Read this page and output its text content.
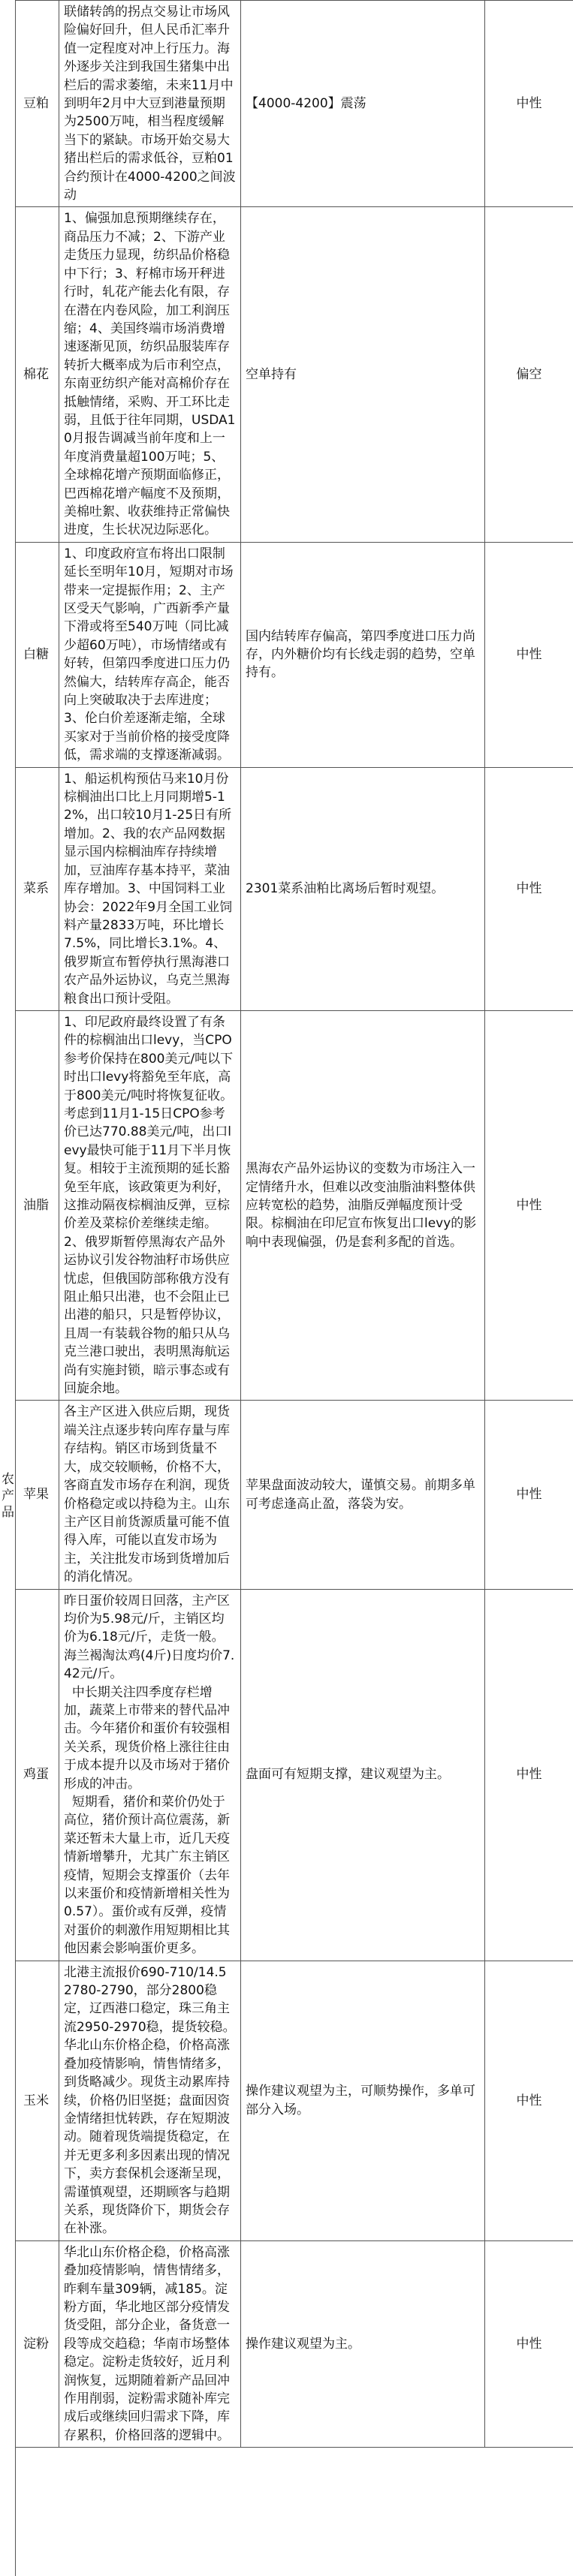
农产品
豆粕	联储转鸽的拐点交易让市场风险偏好回升，但人民币汇率升值一定程度对冲上行压力。海外逐步关注到我国生猪集中出栏后的需求萎缩，未来11月中到明年2月中大豆到港量预期为2500万吨，相当程度缓解当下的紧缺。市场开始交易大猪出栏后的需求低谷，豆粕01合约预计在4000-4200之间波动	【4000-4200】震荡	中性
棉花	1、偏强加息预期继续存在，商品压力不减；2、下游产业走货压力显现，纺织品价格稳中下行；3、籽棉市场开秤进行时，轧花产能去化有限，存在潜在内卷风险，加工利润压缩；4、美国终端市场消费增速逐渐见顶，纺织品服装库存转折大概率成为后市利空点，东南亚纺织产能对高棉价存在抵触情绪，采购、开工环比走弱，且低于往年同期，USDA10月报告调减当前年度和上一年度消费量超100万吨；5、全球棉花增产预期面临修正，巴西棉花增产幅度不及预期，美棉吐絮、收获维持正常偏快进度，生长状况边际恶化。	空单持有	偏空
白糖	1、印度政府宣布将出口限制延长至明年10月，短期对市场带来一定提振作用；2、主产区受天气影响，广西新季产量下滑或将至540万吨（同比减少超60万吨），市场情绪或有好转，但第四季度进口压力仍然偏大，结转库存高企，能否向上突破取决于去库进度；3、伦白价差逐渐走缩，全球买家对于当前价格的接受度降低，需求端的支撑逐渐减弱。	国内结转库存偏高，第四季度进口压力尚存，内外糖价均有长线走弱的趋势，空单持有。	中性
菜系	1、船运机构预估马来10月份棕榈油出口比上月同期增5-12%，出口较10月1-25日有所增加。2、我的农产品网数据显示国内棕榈油库存持续增加，豆油库存基本持平，菜油库存增加。3、中国饲料工业协会：2022年9月全国工业饲料产量2833万吨，环比增长7.5%，同比增长3.1%。4、俄罗斯宣布暂停执行黑海港口农产品外运协议，乌克兰黑海粮食出口预计受阻。	2301菜系油粕比离场后暂时观望。	中性
油脂	1、印尼政府最终设置了有条件的棕榈油出口levy，当CPO参考价保持在800美元/吨以下时出口levy将豁免至年底，高于800美元/吨时将恢复征收。考虑到11月1-15日CPO参考价已达770.88美元/吨，出口levy最快可能于11月下半月恢复。相较于主流预期的延长豁免至年底，该政策更为利好，这推动隔夜棕榈油反弹，豆棕价差及菜棕价差继续走缩。2、俄罗斯暂停黑海农产品外运协议引发谷物油籽市场供应忧虑，但俄国防部称俄方没有阻止船只出港，也不会阻止已出港的船只，只是暂停协议，且周一有装载谷物的船只从乌克兰港口驶出，表明黑海航运尚有实施封锁，暗示事态或有回旋余地。	黑海农产品外运协议的变数为市场注入一定情绪升水，但难以改变油脂油料整体供应转宽松的趋势，油脂反弹幅度预计受限。棕榈油在印尼宣布恢复出口levy的影响中表现偏强，仍是套利多配的首选。	中性
苹果	各主产区进入供应后期，现货端关注点逐步转向库存量与库存结构。销区市场到货量不大，成交较顺畅，价格不大，客商直发市场存在利润，现货价格稳定或以持稳为主。山东主产区目前货源质量可能不值得入库，可能以直发市场为主，关注批发市场到货增加后的消化情况。	苹果盘面波动较大，谨慎交易。前期多单可考虑逢高止盈，落袋为安。	中性
鸡蛋	昨日蛋价较周日回落，主产区均价为5.98元/斤，主销区均价为6.18元/斤，走货一般。海兰褐淘汰鸡(4斤)日度均价7.42元/斤。
中长期关注四季度存栏增加，蔬菜上市带来的替代品冲击。今年猪价和蛋价有较强相关关系，现货价格上涨往往由于成本提升以及市场对于猪价形成的冲击。
短期看，猪价和菜价仍处于高位，猪价预计高位震荡，新菜还暂未大量上市，近几天疫情新增攀升，尤其广东主销区疫情，短期会支撑蛋价（去年以来蛋价和疫情新增相关性为0.57）。蛋价或有反弹，疫情对蛋价的刺激作用短期相比其他因素会影响蛋价更多。	盘面可有短期支撑，建议观望为主。	中性
玉米	北港主流报价690-710/14.5 2780-2790，部分2800稳定，辽西港口稳定，珠三角主流2950-2970稳，提货较稳。华北山东价格企稳，价格高涨叠加疫情影响，情售情绪多，到货略减少。现货主动累库持续，价格仍旧坚挺；盘面因资金情绪担忧转跌，存在短期波动。随着现货端提货稳定，在并无更多利多因素出现的情况下，卖方套保机会逐渐呈现，需谨慎观望，还期顾客与趋期关系，现货降价下，期货会存在补涨。	操作建议观望为主，可顺势操作，多单可部分入场。	中性
淀粉	华北山东价格企稳，价格高涨叠加疫情影响，情售情绪多，昨剩车量309辆，减185。淀粉方面，华北地区部分疫情发货受阻，部分企业，备货意一段等成交趋稳；华南市场整体稳定。淀粉走货较好，近月利润恢复，远期随着新产品回冲作用削弱，淀粉需求随补库完成后或继续回归需求下降，库存累积，价格回落的逻辑中。	操作建议观望为主。	中性
